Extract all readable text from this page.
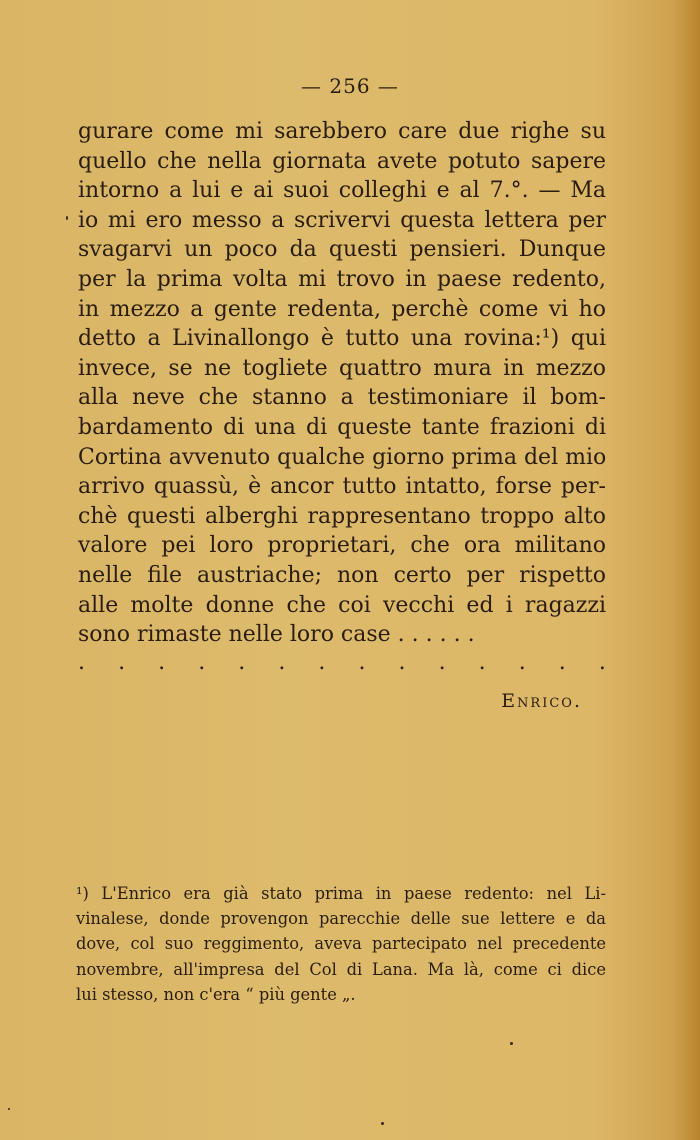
— 256 —
gurare come mi sarebbero care due righe su
quello che nella giornata avete potuto sapere
intorno a lui e ai suoi colleghi e al 7.°. — Ma
io mi ero messo a scrivervi questa lettera per
svagarvi un poco da questi pensieri. Dunque
per la prima volta mi trovo in paese redento,
in mezzo a gente redenta, perchè come vi ho
detto a Livinallongo è tutto una rovina:¹) qui
invece, se ne togliete quattro mura in mezzo
alla neve che stanno a testimoniare il bom-
bardamento di una di queste tante frazioni di
Cortina avvenuto qualche giorno prima del mio
arrivo quassù, è ancor tutto intatto, forse per-
chè questi alberghi rappresentano troppo alto
valore pei loro proprietari, che ora militano
nelle file austriache; non certo per rispetto
alle molte donne che coi vecchi ed i ragazzi
sono rimaste nelle loro case . . . . . .
. . . . . . . . . . . . . .
Enrico.
¹) L'Enrico era già stato prima in paese redento: nel Li-
vinalese, donde provengon parecchie delle sue lettere e da
dove, col suo reggimento, aveva partecipato nel precedente
novembre, all'impresa del Col di Lana. Ma là, come ci dice
lui stesso, non c'era “ più gente „.
